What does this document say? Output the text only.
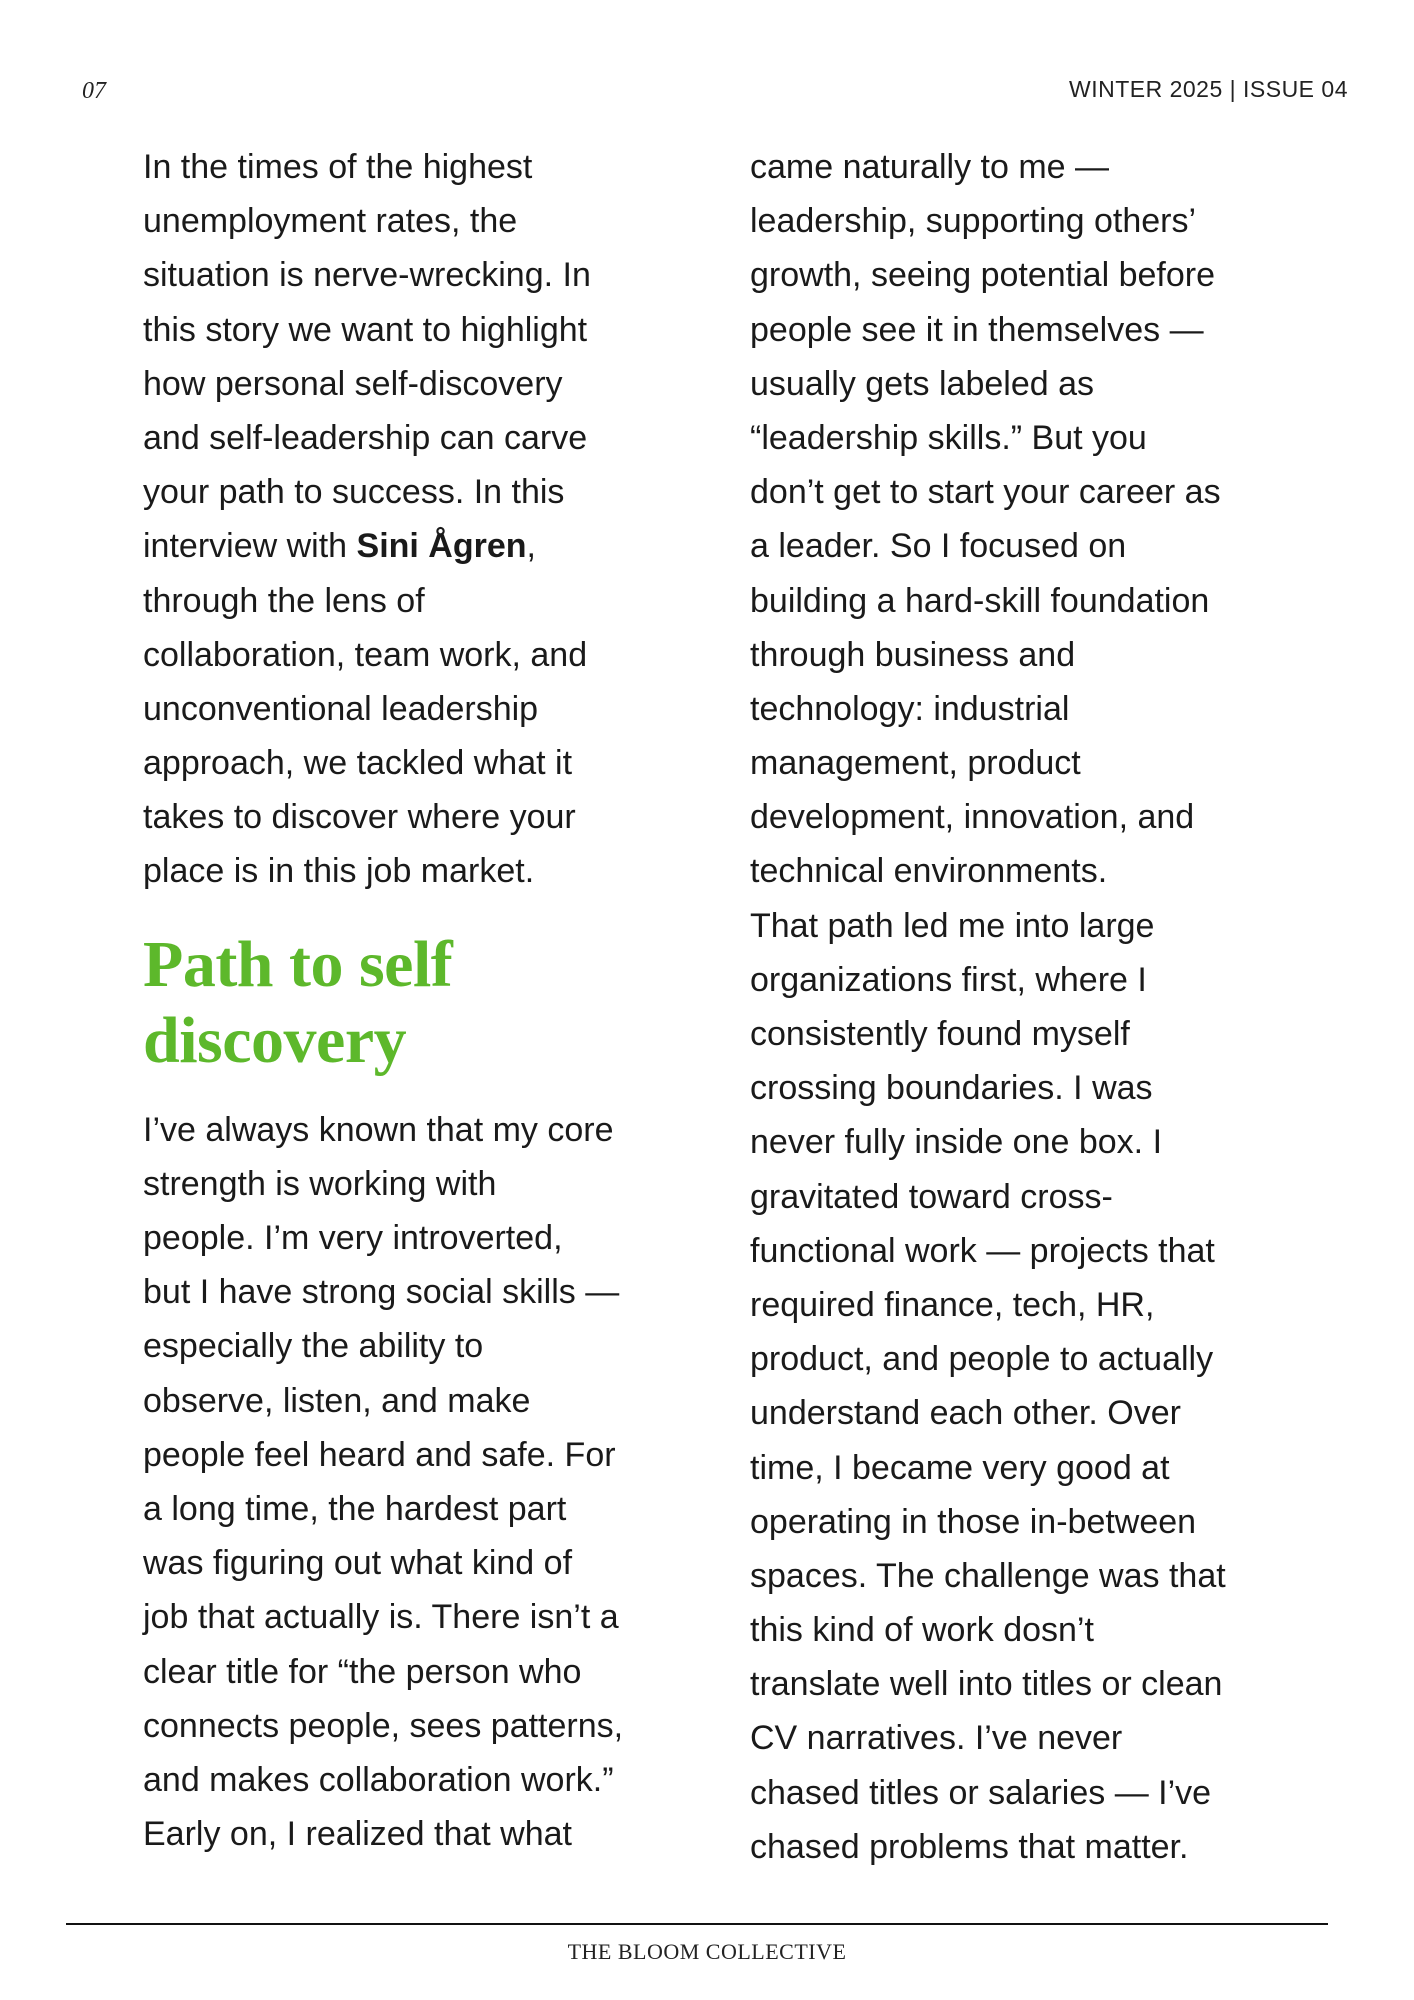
07	WINTER 2025 | ISSUE 04
In the times of the highest
unemployment rates, the
situation is nerve-wrecking. In
this story we want to highlight
how personal self-discovery
and self-leadership can carve
your path to success. In this
interview with Sini Ågren,
through the lens of
collaboration, team work, and
unconventional leadership
approach, we tackled what it
takes to discover where your
place is in this job market.
Path to self
discovery
I’ve always known that my core
strength is working with
people. I’m very introverted,
but I have strong social skills —
especially the ability to
observe, listen, and make
people feel heard and safe. For
a long time, the hardest part
was figuring out what kind of
job that actually is. There isn’t a
clear title for “the person who
connects people, sees patterns,
and makes collaboration work.”
Early on, I realized that what
came naturally to me —
leadership, supporting others’
growth, seeing potential before
people see it in themselves —
usually gets labeled as
“leadership skills.” But you
don’t get to start your career as
a leader. So I focused on
building a hard-skill foundation
through business and
technology: industrial
management, product
development, innovation, and
technical environments.
That path led me into large
organizations first, where I
consistently found myself
crossing boundaries. I was
never fully inside one box. I
gravitated toward cross-
functional work — projects that
required finance, tech, HR,
product, and people to actually
understand each other. Over
time, I became very good at
operating in those in-between
spaces. The challenge was that
this kind of work dosn’t
translate well into titles or clean
CV narratives. I’ve never
chased titles or salaries — I’ve
chased problems that matter.
THE BLOOM COLLECTIVE
